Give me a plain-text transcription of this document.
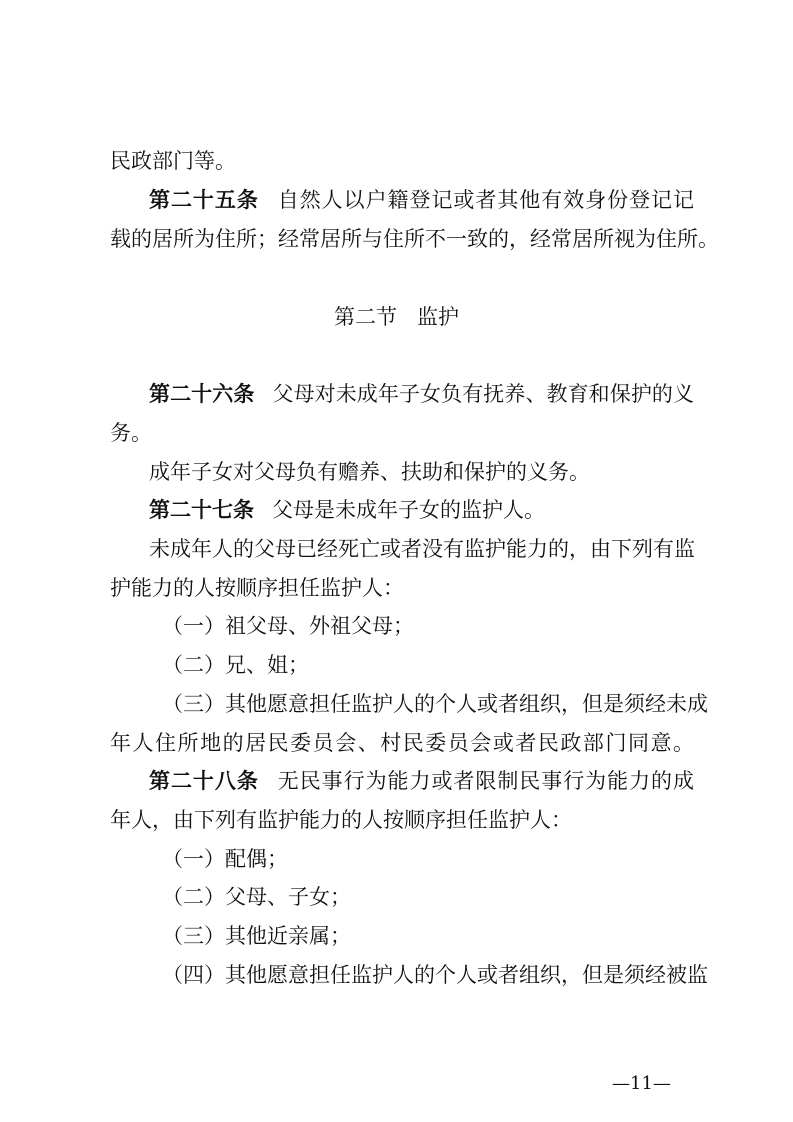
民政部门等。
第二十五条 自然人以户籍登记或者其他有效身份登记记
载的居所为住所；经常居所与住所不一致的，经常居所视为住所。
第二节 监护
第二十六条 父母对未成年子女负有抚养、教育和保护的义
务。
成年子女对父母负有赡养、扶助和保护的义务。
第二十七条 父母是未成年子女的监护人。
未成年人的父母已经死亡或者没有监护能力的，由下列有监
护能力的人按顺序担任监护人：
（一）祖父母、外祖父母；
（二）兄、姐；
（三）其他愿意担任监护人的个人或者组织，但是须经未成
年人住所地的居民委员会、村民委员会或者民政部门同意。
第二十八条 无民事行为能力或者限制民事行为能力的成
年人，由下列有监护能力的人按顺序担任监护人：
（一）配偶；
（二）父母、子女；
（三）其他近亲属；
（四）其他愿意担任监护人的个人或者组织，但是须经被监
—11—
